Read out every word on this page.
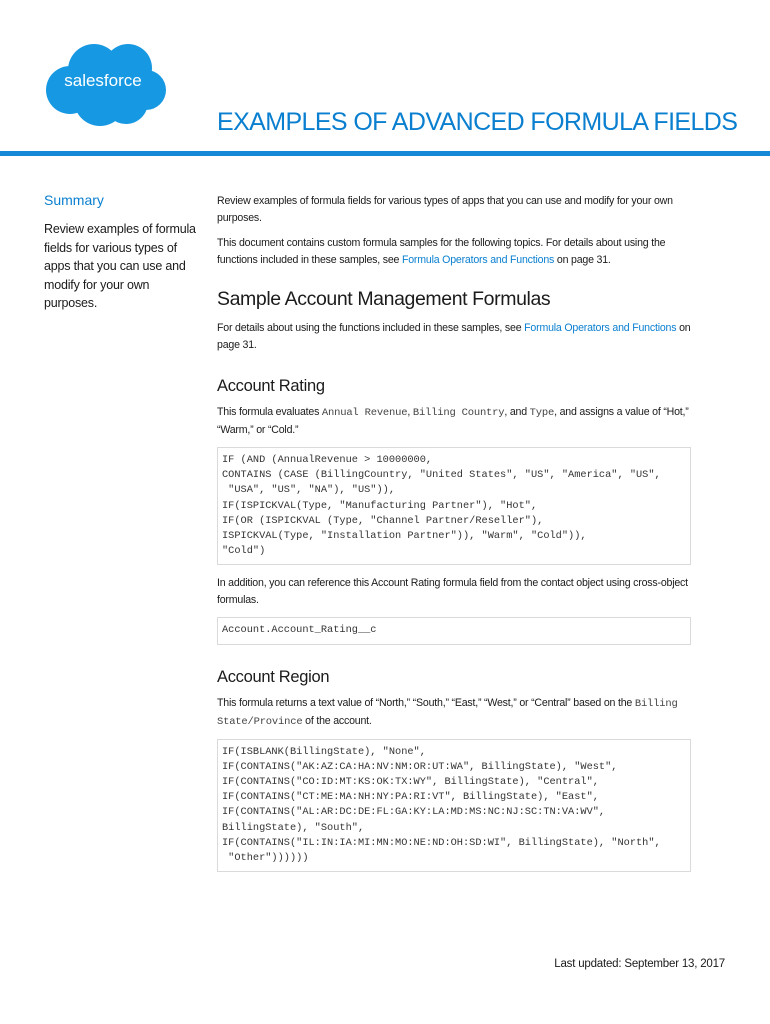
salesforce
EXAMPLES OF ADVANCED FORMULA FIELDS

Summary

Review examples of formula fields for various types of apps that you can use and modify for your own purposes.

Review examples of formula fields for various types of apps that you can use and modify for your own purposes.

This document contains custom formula samples for the following topics. For details about using the functions included in these samples, see Formula Operators and Functions on page 31.

Sample Account Management Formulas

For details about using the functions included in these samples, see Formula Operators and Functions on page 31.

Account Rating

This formula evaluates Annual Revenue, Billing Country, and Type, and assigns a value of “Hot,” “Warm,” or “Cold.”

IF (AND (AnnualRevenue > 10000000,
CONTAINS (CASE (BillingCountry, "United States", "US", "America", "US",
"USA", "US", "NA"), "US")),
IF(ISPICKVAL(Type, "Manufacturing Partner"), "Hot",
IF(OR (ISPICKVAL (Type, "Channel Partner/Reseller"),
ISPICKVAL(Type, "Installation Partner")), "Warm", "Cold")),
"Cold")

In addition, you can reference this Account Rating formula field from the contact object using cross-object formulas.

Account.Account_Rating__c
Account Region

This formula returns a text value of “North,” “South,” “East,” “West,” or “Central” based on the Billing State/Province of the account.

IF(ISBLANK(BillingState), "None",
IF(CONTAINS("AK:AZ:CA:HA:NV:NM:OR:UT:WA", BillingState), "West",
IF(CONTAINS("CO:ID:MT:KS:OK:TX:WY", BillingState), "Central",
IF(CONTAINS("CT:ME:MA:NH:NY:PA:RI:VT", BillingState), "East",
IF(CONTAINS("AL:AR:DC:DE:FL:GA:KY:LA:MD:MS:NC:NJ:SC:TN:VA:WV",
BillingState), "South",
IF(CONTAINS("IL:IN:IA:MI:MN:MO:NE:ND:OH:SD:WI", BillingState), "North",
"Other"))))))
Last updated: September 13, 2017
